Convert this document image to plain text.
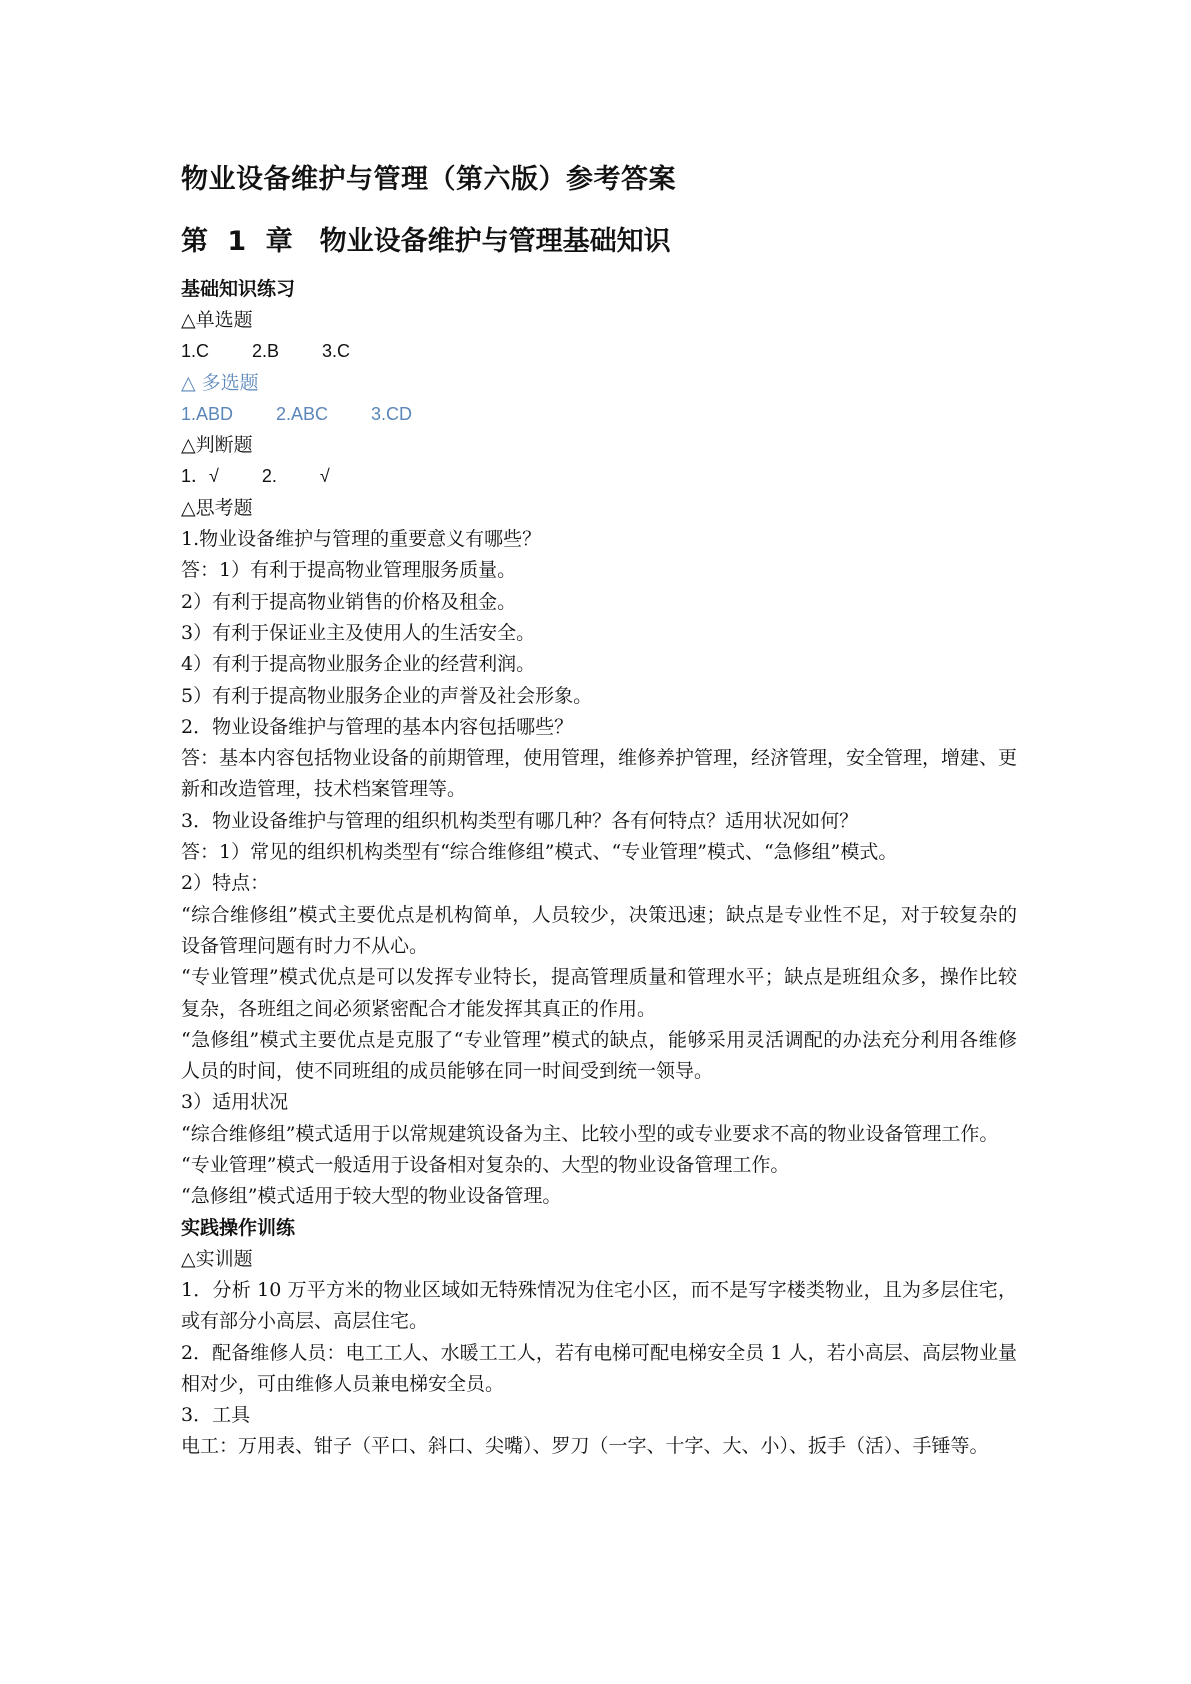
物业设备维护与管理（第六版）参考答案
第 1 章　物业设备维护与管理基础知识
基础知识练习
△单选题
1.C 2.B 3.C
△ 多选题
1.ABD 2.ABC 3.CD
△判断题
1．√ 2. √
△思考题
1.物业设备维护与管理的重要意义有哪些？
答：1）有利于提高物业管理服务质量。
2）有利于提高物业销售的价格及租金。
3）有利于保证业主及使用人的生活安全。
4）有利于提高物业服务企业的经营利润。
5）有利于提高物业服务企业的声誉及社会形象。
2．物业设备维护与管理的基本内容包括哪些？
答：基本内容包括物业设备的前期管理，使用管理，维修养护管理，经济管理，安全管理，增建、更新和改造管理，技术档案管理等。
3．物业设备维护与管理的组织机构类型有哪几种？各有何特点？适用状况如何？
答：1）常见的组织机构类型有“综合维修组”模式、“专业管理”模式、“急修组”模式。
2）特点：
“综合维修组”模式主要优点是机构简单，人员较少，决策迅速；缺点是专业性不足，对于较复杂的设备管理问题有时力不从心。
“专业管理”模式优点是可以发挥专业特长，提高管理质量和管理水平；缺点是班组众多，操作比较复杂，各班组之间必须紧密配合才能发挥其真正的作用。
“急修组”模式主要优点是克服了“专业管理”模式的缺点，能够采用灵活调配的办法充分利用各维修人员的时间，使不同班组的成员能够在同一时间受到统一领导。
3）适用状况
“综合维修组”模式适用于以常规建筑设备为主、比较小型的或专业要求不高的物业设备管理工作。
“专业管理”模式一般适用于设备相对复杂的、大型的物业设备管理工作。
“急修组”模式适用于较大型的物业设备管理。
实践操作训练
△实训题
1．分析 10 万平方米的物业区域如无特殊情况为住宅小区，而不是写字楼类物业，且为多层住宅，或有部分小高层、高层住宅。
2．配备维修人员：电工工人、水暖工工人，若有电梯可配电梯安全员 1 人，若小高层、高层物业量相对少，可由维修人员兼电梯安全员。
3．工具
电工：万用表、钳子（平口、斜口、尖嘴）、罗刀（一字、十字、大、小）、扳手（活）、手锤等。
